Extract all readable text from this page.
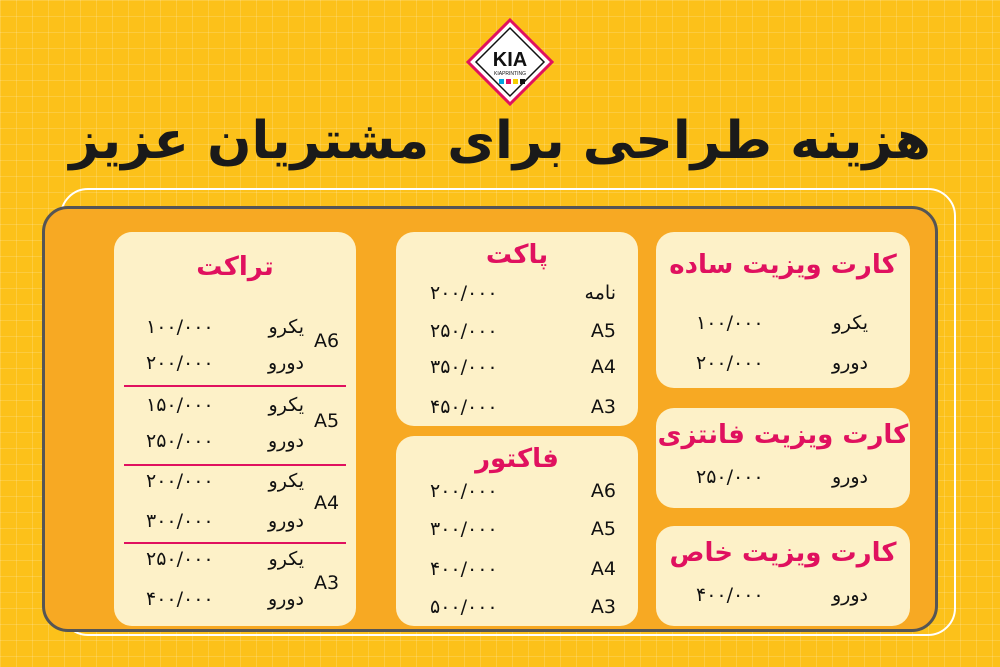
KIA
KIAPRINTING
هزینه طراحی برای مشتریان عزیز
کارت ویزیت ساده
یکرو
۱۰۰/۰۰۰
دورو
۲۰۰/۰۰۰
کارت ویزیت فانتزی
دورو
۲۵۰/۰۰۰
کارت ویزیت خاص
دورو
۴۰۰/۰۰۰
پاکت
نامه
۲۰۰/۰۰۰
A5
۲۵۰/۰۰۰
A4
۳۵۰/۰۰۰
A3
۴۵۰/۰۰۰
فاکتور
A6
۲۰۰/۰۰۰
A5
۳۰۰/۰۰۰
A4
۴۰۰/۰۰۰
A3
۵۰۰/۰۰۰
تراکت
A6
یکرو
۱۰۰/۰۰۰
دورو
۲۰۰/۰۰۰
A5
یکرو
۱۵۰/۰۰۰
دورو
۲۵۰/۰۰۰
A4
یکرو
۲۰۰/۰۰۰
دورو
۳۰۰/۰۰۰
A3
یکرو
۲۵۰/۰۰۰
دورو
۴۰۰/۰۰۰
